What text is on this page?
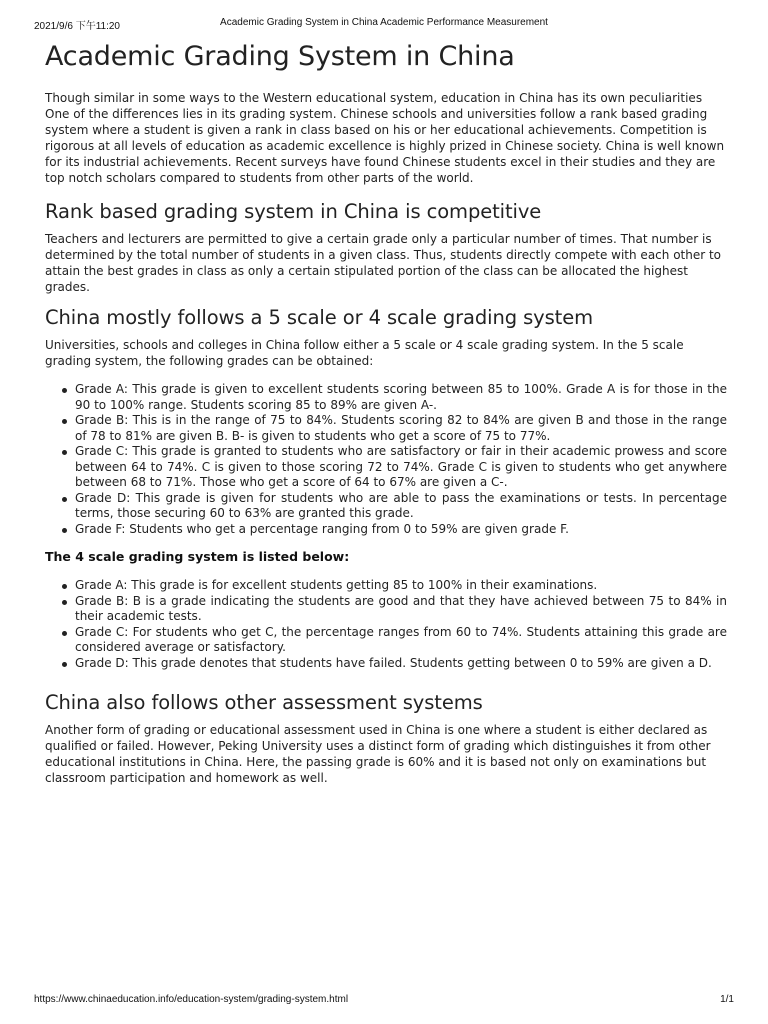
2021/9/6 下午11:20	Academic Grading System in China Academic Performance Measurement
Academic Grading System in China

Though similar in some ways to the Western educational system, education in China has its own peculiarities One of the differences lies in its grading system. Chinese schools and universities follow a rank based grading system where a student is given a rank in class based on his or her educational achievements. Competition is rigorous at all levels of education as academic excellence is highly prized in Chinese society. China is well known for its industrial achievements. Recent surveys have found Chinese students excel in their studies and they are top notch scholars compared to students from other parts of the world.

Rank based grading system in China is competitive

Teachers and lecturers are permitted to give a certain grade only a particular number of times. That number is determined by the total number of students in a given class. Thus, students directly compete with each other to attain the best grades in class as only a certain stipulated portion of the class can be allocated the highest grades.

China mostly follows a 5 scale or 4 scale grading system

Universities, schools and colleges in China follow either a 5 scale or 4 scale grading system. In the 5 scale grading system, the following grades can be obtained:

Grade A: This grade is given to excellent students scoring between 85 to 100%. Grade A is for those in the 90 to 100% range. Students scoring 85 to 89% are given A-.
Grade B: This is in the range of 75 to 84%. Students scoring 82 to 84% are given B and those in the range of 78 to 81% are given B. B- is given to students who get a score of 75 to 77%.
Grade C: This grade is granted to students who are satisfactory or fair in their academic prowess and score between 64 to 74%. C is given to those scoring 72 to 74%. Grade C is given to students who get anywhere between 68 to 71%. Those who get a score of 64 to 67% are given a C-.
Grade D: This grade is given for students who are able to pass the examinations or tests. In percentage terms, those securing 60 to 63% are granted this grade.
Grade F: Students who get a percentage ranging from 0 to 59% are given grade F.
The 4 scale grading system is listed below:
Grade A: This grade is for excellent students getting 85 to 100% in their examinations.
Grade B: B is a grade indicating the students are good and that they have achieved between 75 to 84% in their academic tests.
Grade C: For students who get C, the percentage ranges from 60 to 74%. Students attaining this grade are considered average or satisfactory.
Grade D: This grade denotes that students have failed. Students getting between 0 to 59% are given a D.
China also follows other assessment systems

Another form of grading or educational assessment used in China is one where a student is either declared as qualified or failed. However, Peking University uses a distinct form of grading which distinguishes it from other educational institutions in China. Here, the passing grade is 60% and it is based not only on examinations but classroom participation and homework as well.

https://www.chinaeducation.info/education-system/grading-system.html	1/1
